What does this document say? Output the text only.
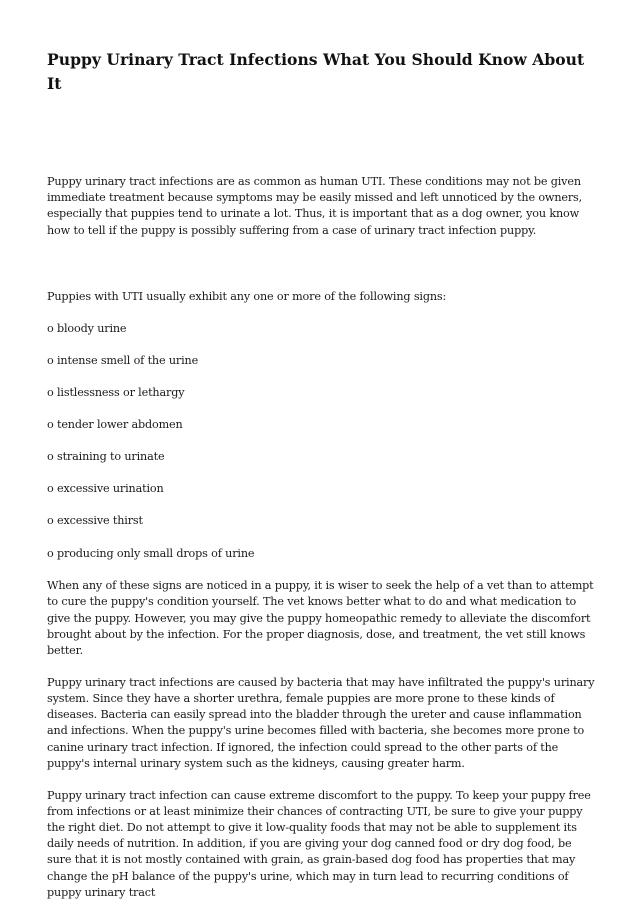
Puppy Urinary Tract Infections What You Should Know About It

Puppy urinary tract infections are as common as human UTI. These conditions may not be given immediate treatment because symptoms may be easily missed and left unnoticed by the owners, especially that puppies tend to urinate a lot. Thus, it is important that as a dog owner, you know how to tell if the puppy is possibly suffering from a case of urinary tract infection puppy.

Puppies with UTI usually exhibit any one or more of the following signs:

o bloody urine

o intense smell of the urine

o listlessness or lethargy

o tender lower abdomen

o straining to urinate

o excessive urination

o excessive thirst

o producing only small drops of urine

When any of these signs are noticed in a puppy, it is wiser to seek the help of a vet than to attempt to cure the puppy's condition yourself. The vet knows better what to do and what medication to give the puppy. However, you may give the puppy homeopathic remedy to alleviate the discomfort brought about by the infection. For the proper diagnosis, dose, and treatment, the vet still knows better.

Puppy urinary tract infections are caused by bacteria that may have infiltrated the puppy's urinary system. Since they have a shorter urethra, female puppies are more prone to these kinds of diseases. Bacteria can easily spread into the bladder through the ureter and cause inflammation and infections. When the puppy's urine becomes filled with bacteria, she becomes more prone to canine urinary tract infection. If ignored, the infection could spread to the other parts of the puppy's internal urinary system such as the kidneys, causing greater harm.

Puppy urinary tract infection can cause extreme discomfort to the puppy. To keep your puppy free from infections or at least minimize their chances of contracting UTI, be sure to give your puppy the right diet. Do not attempt to give it low-quality foods that may not be able to supplement its daily needs of nutrition. In addition, if you are giving your dog canned food or dry dog food, be sure that it is not mostly contained with grain, as grain-based dog food has properties that may change the pH balance of the puppy's urine, which may in turn lead to recurring conditions of puppy urinary tract
